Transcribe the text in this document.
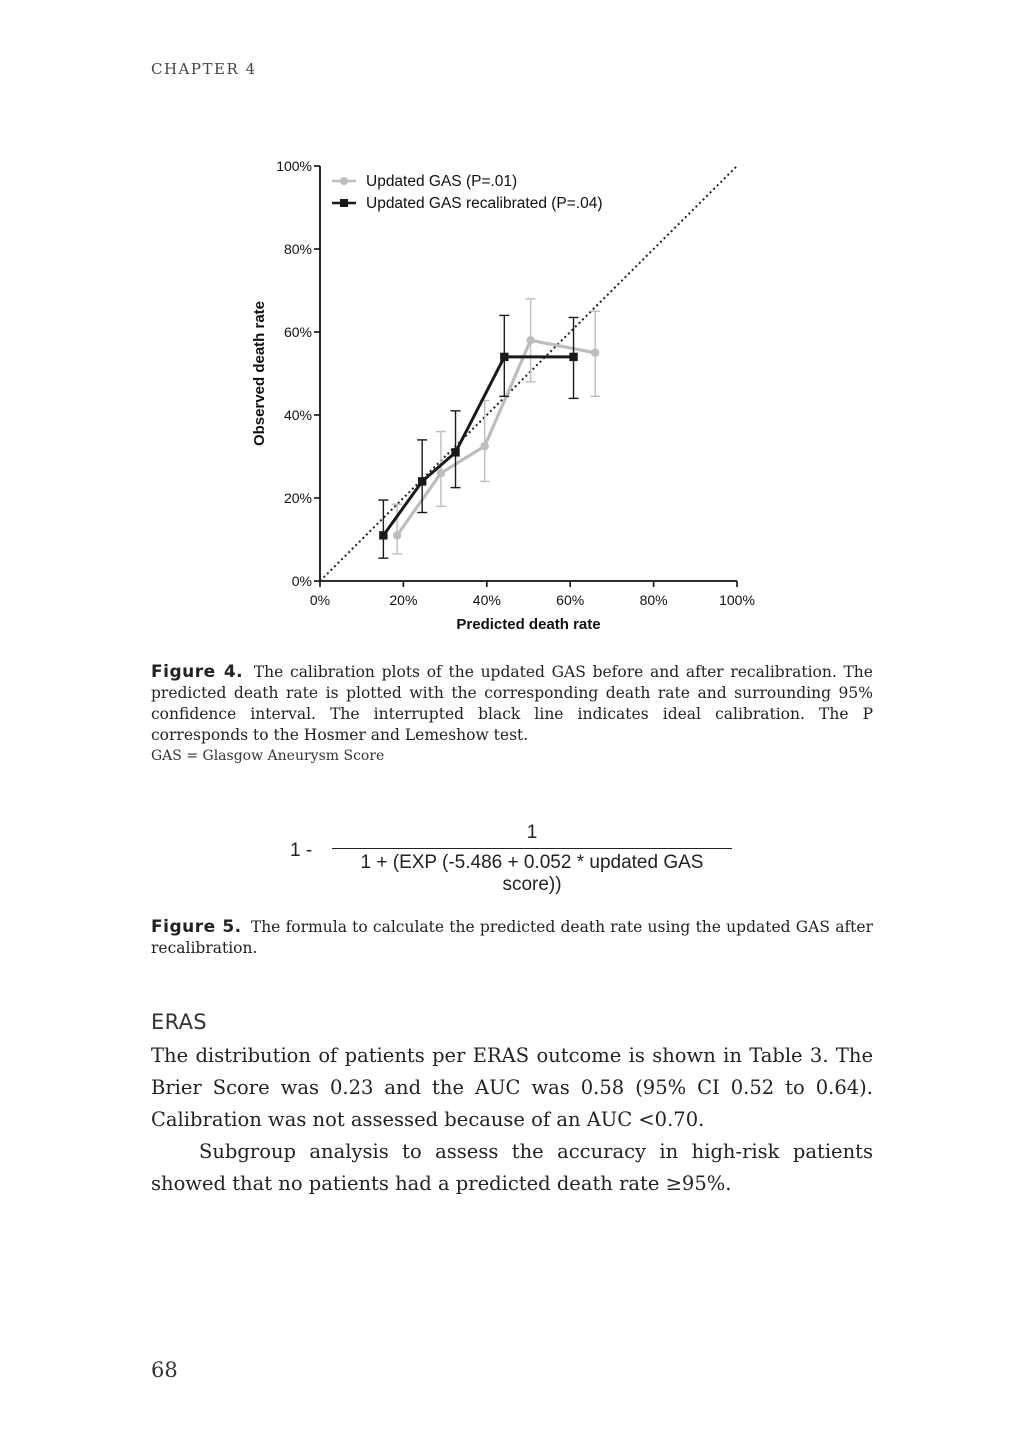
CHAPTER 4
0%
0%
20%
20%
40%
40%
60%
60%
80%
80%
100%
100%
Predicted death rate
Observed death rate
Updated GAS (P=.01)
Updated GAS recalibrated (P=.04)
Figure 4. The calibration plots of the updated GAS before and after recalibration. The predicted death rate is plotted with the corresponding death rate and surrounding 95% confidence interval. The interrupted black line indicates ideal calibration. The P corresponds to the Hosmer and Lemeshow test.
GAS = Glasgow Aneurysm Score
1 -
1
1 + (EXP (-5.486 + 0.052 * updated GAS score))
Figure 5. The formula to calculate the predicted death rate using the updated GAS after recalibration.
ERAS

The distribution of patients per ERAS outcome is shown in Table 3. The Brier Score was 0.23 and the AUC was 0.58 (95% CI 0.52 to 0.64). Calibration was not assessed because of an AUC <0.70.

Subgroup analysis to assess the accuracy in high-risk patients showed that no patients had a predicted death rate ≥95%.

68
